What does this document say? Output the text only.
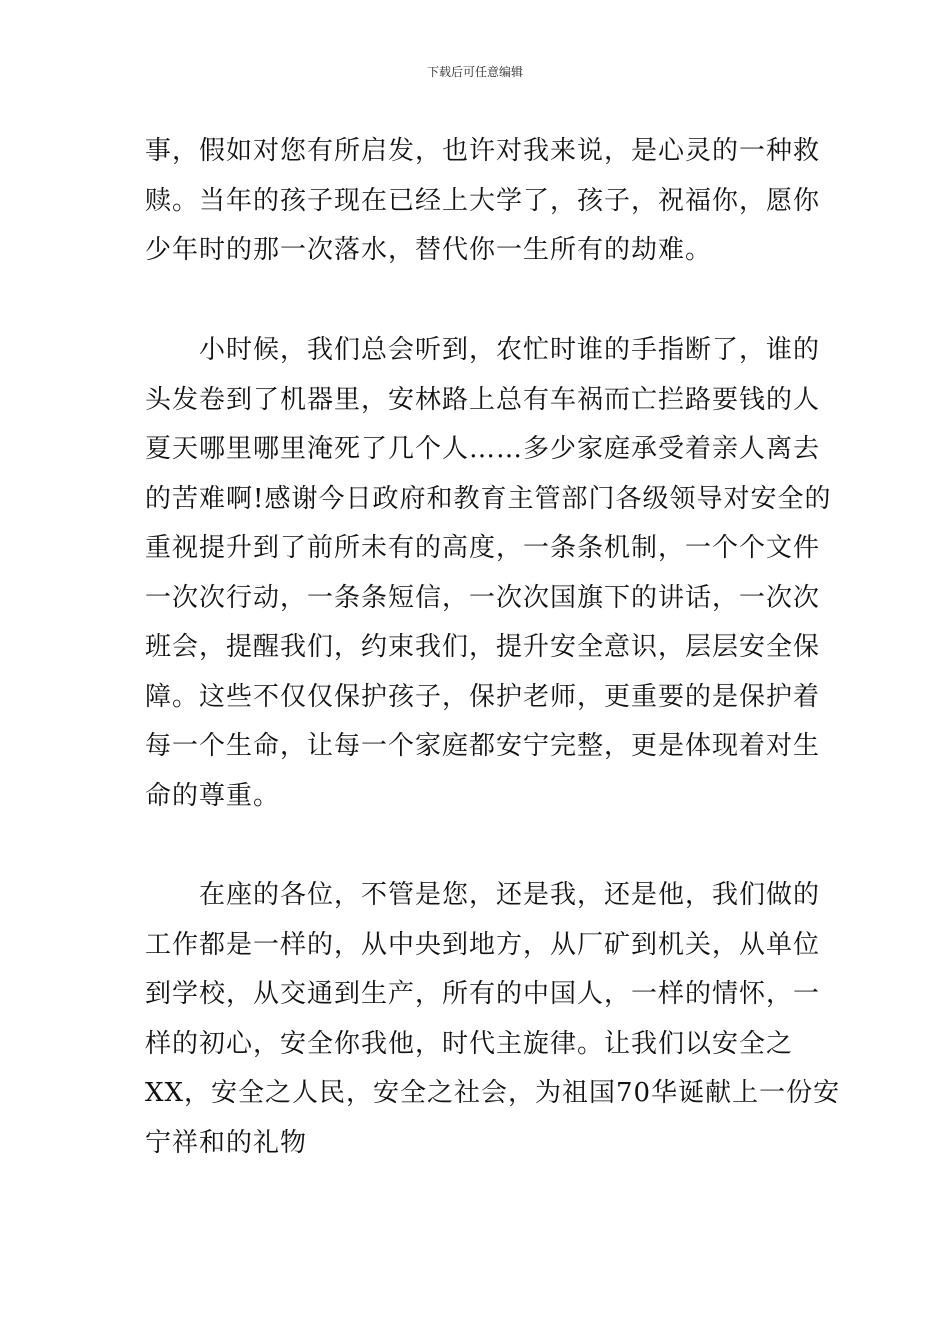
下载后可任意编辑
事，假如对您有所启发，也许对我来说，是心灵的一种救
赎。当年的孩子现在已经上大学了，孩子，祝福你，愿你
少年时的那一次落水，替代你一生所有的劫难。
　　小时候，我们总会听到，农忙时谁的手指断了，谁的
头发卷到了机器里，安林路上总有车祸而亡拦路要钱的人
夏天哪里哪里淹死了几个人……多少家庭承受着亲人离去
的苦难啊!感谢今日政府和教育主管部门各级领导对安全的
重视提升到了前所未有的高度，一条条机制，一个个文件
一次次行动，一条条短信，一次次国旗下的讲话，一次次
班会，提醒我们，约束我们，提升安全意识，层层安全保
障。这些不仅仅保护孩子，保护老师，更重要的是保护着
每一个生命，让每一个家庭都安宁完整，更是体现着对生
命的尊重。
　　在座的各位，不管是您，还是我，还是他，我们做的
工作都是一样的，从中央到地方，从厂矿到机关，从单位
到学校，从交通到生产，所有的中国人，一样的情怀，一
样的初心，安全你我他，时代主旋律。让我们以安全之
XX，安全之人民，安全之社会，为祖国70华诞献上一份安
宁祥和的礼物
